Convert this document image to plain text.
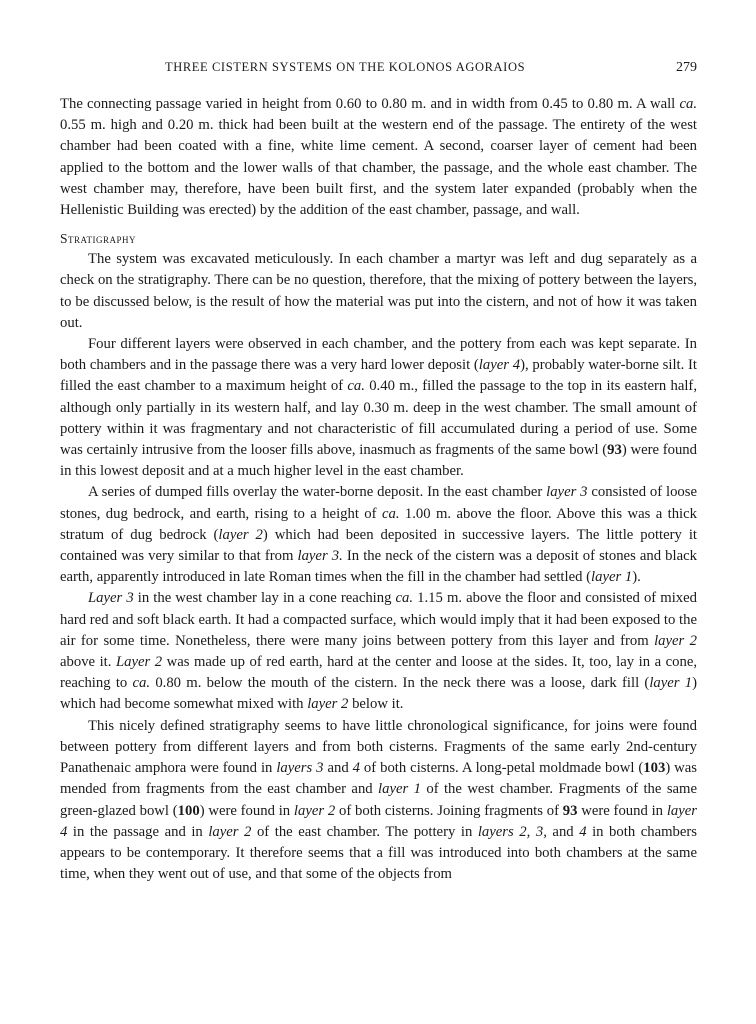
THREE CISTERN SYSTEMS ON THE KOLONOS AGORAIOS	279

The connecting passage varied in height from 0.60 to 0.80 m. and in width from 0.45 to 0.80 m. A wall ca. 0.55 m. high and 0.20 m. thick had been built at the western end of the passage. The entirety of the west chamber had been coated with a fine, white lime cement. A second, coarser layer of cement had been applied to the bottom and the lower walls of that chamber, the passage, and the whole east chamber. The west chamber may, therefore, have been built first, and the system later expanded (probably when the Hellenistic Building was erected) by the addition of the east chamber, passage, and wall.

Stratigraphy

The system was excavated meticulously. In each chamber a martyr was left and dug separately as a check on the stratigraphy. There can be no question, therefore, that the mixing of pottery between the layers, to be discussed below, is the result of how the material was put into the cistern, and not of how it was taken out.

Four different layers were observed in each chamber, and the pottery from each was kept separate. In both chambers and in the passage there was a very hard lower deposit (layer 4), probably water-borne silt. It filled the east chamber to a maximum height of ca. 0.40 m., filled the passage to the top in its eastern half, although only partially in its western half, and lay 0.30 m. deep in the west chamber. The small amount of pottery within it was fragmentary and not characteristic of fill accumulated during a period of use. Some was certainly intrusive from the looser fills above, inasmuch as fragments of the same bowl (93) were found in this lowest deposit and at a much higher level in the east chamber.

A series of dumped fills overlay the water-borne deposit. In the east chamber layer 3 consisted of loose stones, dug bedrock, and earth, rising to a height of ca. 1.00 m. above the floor. Above this was a thick stratum of dug bedrock (layer 2) which had been deposited in successive layers. The little pottery it contained was very similar to that from layer 3. In the neck of the cistern was a deposit of stones and black earth, apparently introduced in late Roman times when the fill in the chamber had settled (layer 1).

Layer 3 in the west chamber lay in a cone reaching ca. 1.15 m. above the floor and consisted of mixed hard red and soft black earth. It had a compacted surface, which would imply that it had been exposed to the air for some time. Nonetheless, there were many joins between pottery from this layer and from layer 2 above it. Layer 2 was made up of red earth, hard at the center and loose at the sides. It, too, lay in a cone, reaching to ca. 0.80 m. below the mouth of the cistern. In the neck there was a loose, dark fill (layer 1) which had become somewhat mixed with layer 2 below it.

This nicely defined stratigraphy seems to have little chronological significance, for joins were found between pottery from different layers and from both cisterns. Fragments of the same early 2nd-century Panathenaic amphora were found in layers 3 and 4 of both cisterns. A long-petal moldmade bowl (103) was mended from fragments from the east chamber and layer 1 of the west chamber. Fragments of the same green-glazed bowl (100) were found in layer 2 of both cisterns. Joining fragments of 93 were found in layer 4 in the passage and in layer 2 of the east chamber. The pottery in layers 2, 3, and 4 in both chambers appears to be contemporary. It therefore seems that a fill was introduced into both chambers at the same time, when they went out of use, and that some of the objects from
